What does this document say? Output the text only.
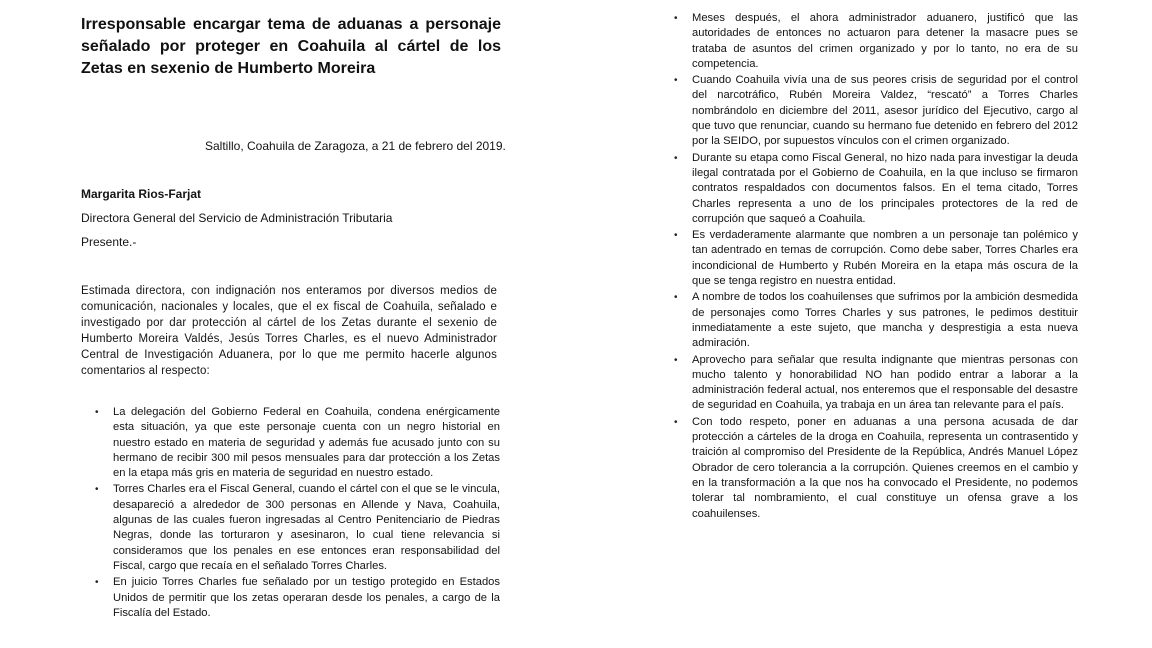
Irresponsable encargar tema de aduanas a personaje señalado por proteger en Coahuila al cártel de los Zetas en sexenio de Humberto Moreira

Saltillo, Coahuila de Zaragoza, a 21 de febrero del 2019.

Margarita Rios-Farjat

Directora General del Servicio de Administración Tributaria

Presente.-

Estimada directora, con indignación nos enteramos por diversos medios de comunicación, nacionales y locales, que el ex fiscal de Coahuila, señalado e investigado por dar protección al cártel de los Zetas durante el sexenio de Humberto Moreira Valdés, Jesús Torres Charles, es el nuevo Administrador Central de Investigación Aduanera, por lo que me permito hacerle algunos comentarios al respecto:

•	La delegación del Gobierno Federal en Coahuila, condena enérgicamente esta situación, ya que este personaje cuenta con un negro historial en nuestro estado en materia de seguridad y además fue acusado junto con su hermano de recibir 300 mil pesos mensuales para dar protección a los Zetas en la etapa más gris en materia de seguridad en nuestro estado.
•	Torres Charles era el Fiscal General, cuando el cártel con el que se le vincula, desapareció a alrededor de 300 personas en Allende y Nava, Coahuila, algunas de las cuales fueron ingresadas al Centro Penitenciario de Piedras Negras, donde las torturaron y asesinaron, lo cual tiene relevancia si consideramos que los penales en ese entonces eran responsabilidad del Fiscal, cargo que recaía en el señalado Torres Charles.
•	En juicio Torres Charles fue señalado por un testigo protegido en Estados Unidos de permitir que los zetas operaran desde los penales, a cargo de la Fiscalía del Estado.
•	Meses después, el ahora administrador aduanero, justificó que las autoridades de entonces no actuaron para detener la masacre pues se trataba de asuntos del crimen organizado y por lo tanto, no era de su competencia.
•	Cuando Coahuila vivía una de sus peores crisis de seguridad por el control del narcotráfico, Rubén Moreira Valdez, “rescató” a Torres Charles nombrándolo en diciembre del 2011, asesor jurídico del Ejecutivo, cargo al que tuvo que renunciar, cuando su hermano fue detenido en febrero del 2012 por la SEIDO, por supuestos vínculos con el crimen organizado.
•	Durante su etapa como Fiscal General, no hizo nada para investigar la deuda ilegal contratada por el Gobierno de Coahuila, en la que incluso se firmaron contratos respaldados con documentos falsos. En el tema citado, Torres Charles representa a uno de los principales protectores de la red de corrupción que saqueó a Coahuila.
•	Es verdaderamente alarmante que nombren a un personaje tan polémico y tan adentrado en temas de corrupción. Como debe saber, Torres Charles era incondicional de Humberto y Rubén Moreira en la etapa más oscura de la que se tenga registro en nuestra entidad.
•	A nombre de todos los coahuilenses que sufrimos por la ambición desmedida de personajes como Torres Charles y sus patrones, le pedimos destituir inmediatamente a este sujeto, que mancha y desprestigia a esta nueva admiración.
•	Aprovecho para señalar que resulta indignante que mientras personas con mucho talento y honorabilidad NO han podido entrar a laborar a la administración federal actual, nos enteremos que el responsable del desastre de seguridad en Coahuila, ya trabaja en un área tan relevante para el país.
•	Con todo respeto, poner en aduanas a una persona acusada de dar protección a cárteles de la droga en Coahuila, representa un contrasentido y traición al compromiso del Presidente de la República, Andrés Manuel López Obrador de cero tolerancia a la corrupción. Quienes creemos en el cambio y en la transformación a la que nos ha convocado el Presidente, no podemos tolerar tal nombramiento, el cual constituye un ofensa grave a los coahuilenses.
